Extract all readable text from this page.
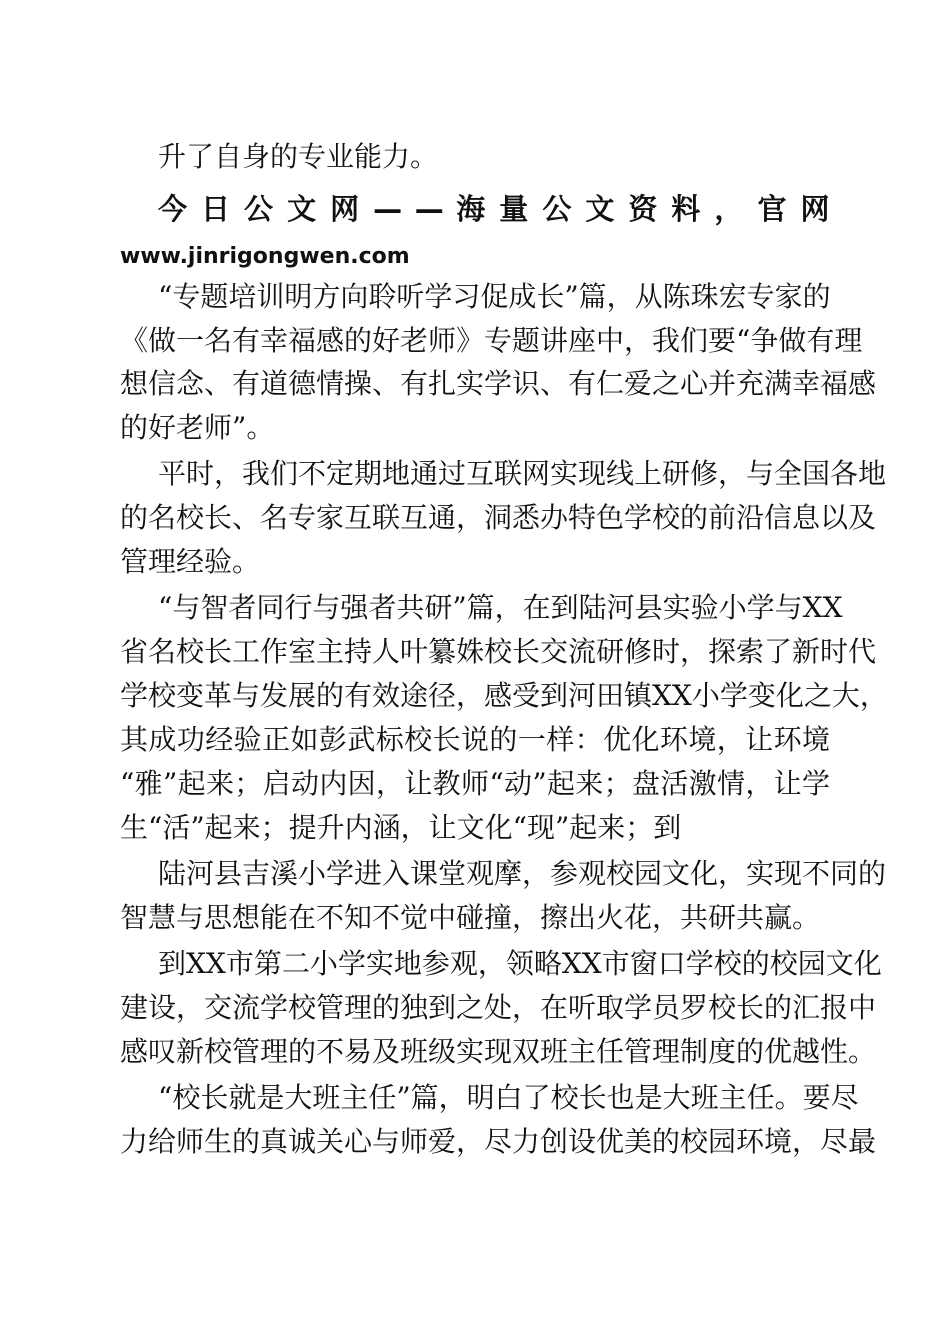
升了自身的专业能力。
今 日 公 文 网 — — 海 量 公 文 资 料 ， 官 网
www.jinrigongwen.com
“专题培训明方向聆听学习促成长”篇，从陈珠宏专家的
《做一名有幸福感的好老师》专题讲座中，我们要“争做有理
想信念、有道德情操、有扎实学识、有仁爱之心并充满幸福感
的好老师”。
平时，我们不定期地通过互联网实现线上研修，与全国各地
的名校长、名专家互联互通，洞悉办特色学校的前沿信息以及
管理经验。
“与智者同行与强者共研”篇，在到陆河县实验小学与XX
省名校长工作室主持人叶纂姝校长交流研修时，探索了新时代
学校变革与发展的有效途径，感受到河田镇XX小学变化之大，
其成功经验正如彭武标校长说的一样：优化环境，让环境
“雅”起来；启动内因，让教师“动”起来；盘活激情，让学
生“活”起来；提升内涵，让文化“现”起来；到
陆河县吉溪小学进入课堂观摩，参观校园文化，实现不同的
智慧与思想能在不知不觉中碰撞，擦出火花，共研共赢。
到XX市第二小学实地参观，领略XX市窗口学校的校园文化
建设，交流学校管理的独到之处，在听取学员罗校长的汇报中
感叹新校管理的不易及班级实现双班主任管理制度的优越性。
“校长就是大班主任”篇，明白了校长也是大班主任。要尽
力给师生的真诚关心与师爱，尽力创设优美的校园环境，尽最
